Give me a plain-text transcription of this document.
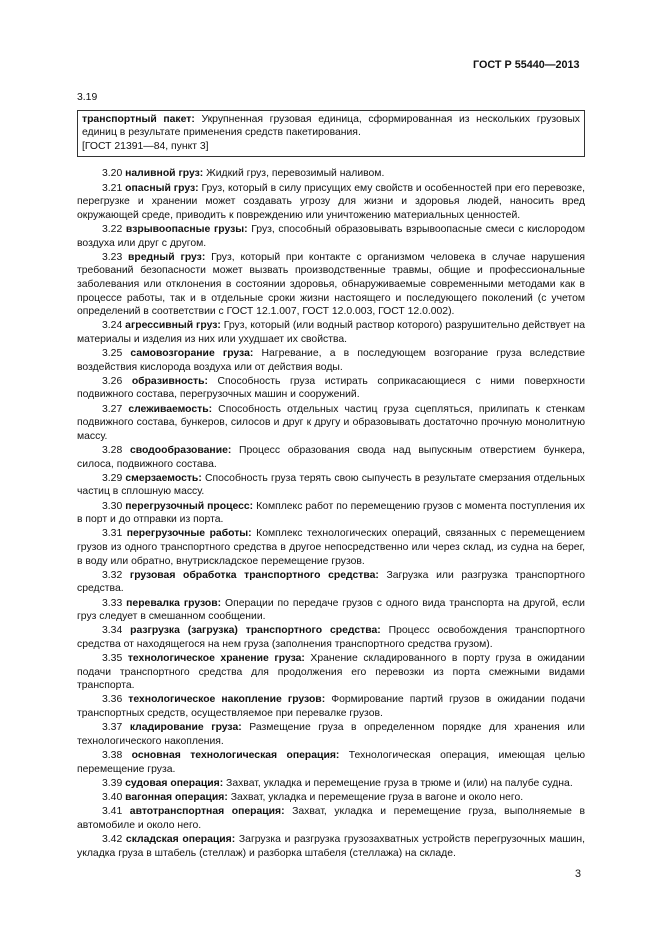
ГОСТ Р 55440—2013
3.19

транспортный пакет: Укрупненная грузовая единица, сформированная из нескольких грузовых единиц в результате применения средств пакетирования.

[ГОСТ 21391—84, пункт 3]

3.20 наливной груз: Жидкий груз, перевозимый наливом.

3.21 опасный груз: Груз, который в силу присущих ему свойств и особенностей при его перевозке, перегрузке и хранении может создавать угрозу для жизни и здоровья людей, наносить вред окружающей среде, приводить к повреждению или уничтожению материальных ценностей.

3.22 взрывоопасные грузы: Груз, способный образовывать взрывоопасные смеси с кислородом воздуха или друг с другом.

3.23 вредный груз: Груз, который при контакте с организмом человека в случае нарушения требований безопасности может вызвать производственные травмы, общие и профессиональные заболевания или отклонения в состоянии здоровья, обнаруживаемые современными методами как в процессе работы, так и в отдельные сроки жизни настоящего и последующего поколений (с учетом определений в соответствии с ГОСТ 12.1.007, ГОСТ 12.0.003, ГОСТ 12.0.002).

3.24 агрессивный груз: Груз, который (или водный раствор которого) разрушительно действует на материалы и изделия из них или ухудшает их свойства.

3.25 самовозгорание груза: Нагревание, а в последующем возгорание груза вследствие воздействия кислорода воздуха или от действия воды.

3.26 образивность: Способность груза истирать соприкасающиеся с ними поверхности подвижного состава, перегрузочных машин и сооружений.

3.27 слеживаемость: Способность отдельных частиц груза сцепляться, прилипать к стенкам подвижного состава, бункеров, силосов и друг к другу и образовывать достаточно прочную монолитную массу.

3.28 сводообразование: Процесс образования свода над выпускным отверстием бункера, силоса, подвижного состава.

3.29 смерзаемость: Способность груза терять свою сыпучесть в результате смерзания отдельных частиц в сплошную массу.

3.30 перегрузочный процесс: Комплекс работ по перемещению грузов с момента поступления их в порт и до отправки из порта.

3.31 перегрузочные работы: Комплекс технологических операций, связанных с перемещением грузов из одного транспортного средства в другое непосредственно или через склад, из судна на берег, в воду или обратно, внутрискладское перемещение грузов.

3.32 грузовая обработка транспортного средства: Загрузка или разгрузка транспортного средства.

3.33 перевалка грузов: Операции по передаче грузов с одного вида транспорта на другой, если груз следует в смешанном сообщении.

3.34 разгрузка (загрузка) транспортного средства: Процесс освобождения транспортного средства от находящегося на нем груза (заполнения транспортного средства грузом).

3.35 технологическое хранение груза: Хранение складированного в порту груза в ожидании подачи транспортного средства для продолжения его перевозки из порта смежными видами транспорта.

3.36 технологическое накопление грузов: Формирование партий грузов в ожидании подачи транспортных средств, осуществляемое при перевалке грузов.

3.37 кладирование груза: Размещение груза в определенном порядке для хранения или технологического накопления.

3.38 основная технологическая операция: Технологическая операция, имеющая целью перемещение груза.

3.39 судовая операция: Захват, укладка и перемещение груза в трюме и (или) на палубе судна.

3.40 вагонная операция: Захват, укладка и перемещение груза в вагоне и около него.

3.41 автотранспортная операция: Захват, укладка и перемещение груза, выполняемые в автомобиле и около него.

3.42 складская операция: Загрузка и разгрузка грузозахватных устройств перегрузочных машин, укладка груза в штабель (стеллаж) и разборка штабеля (стеллажа) на складе.

3
